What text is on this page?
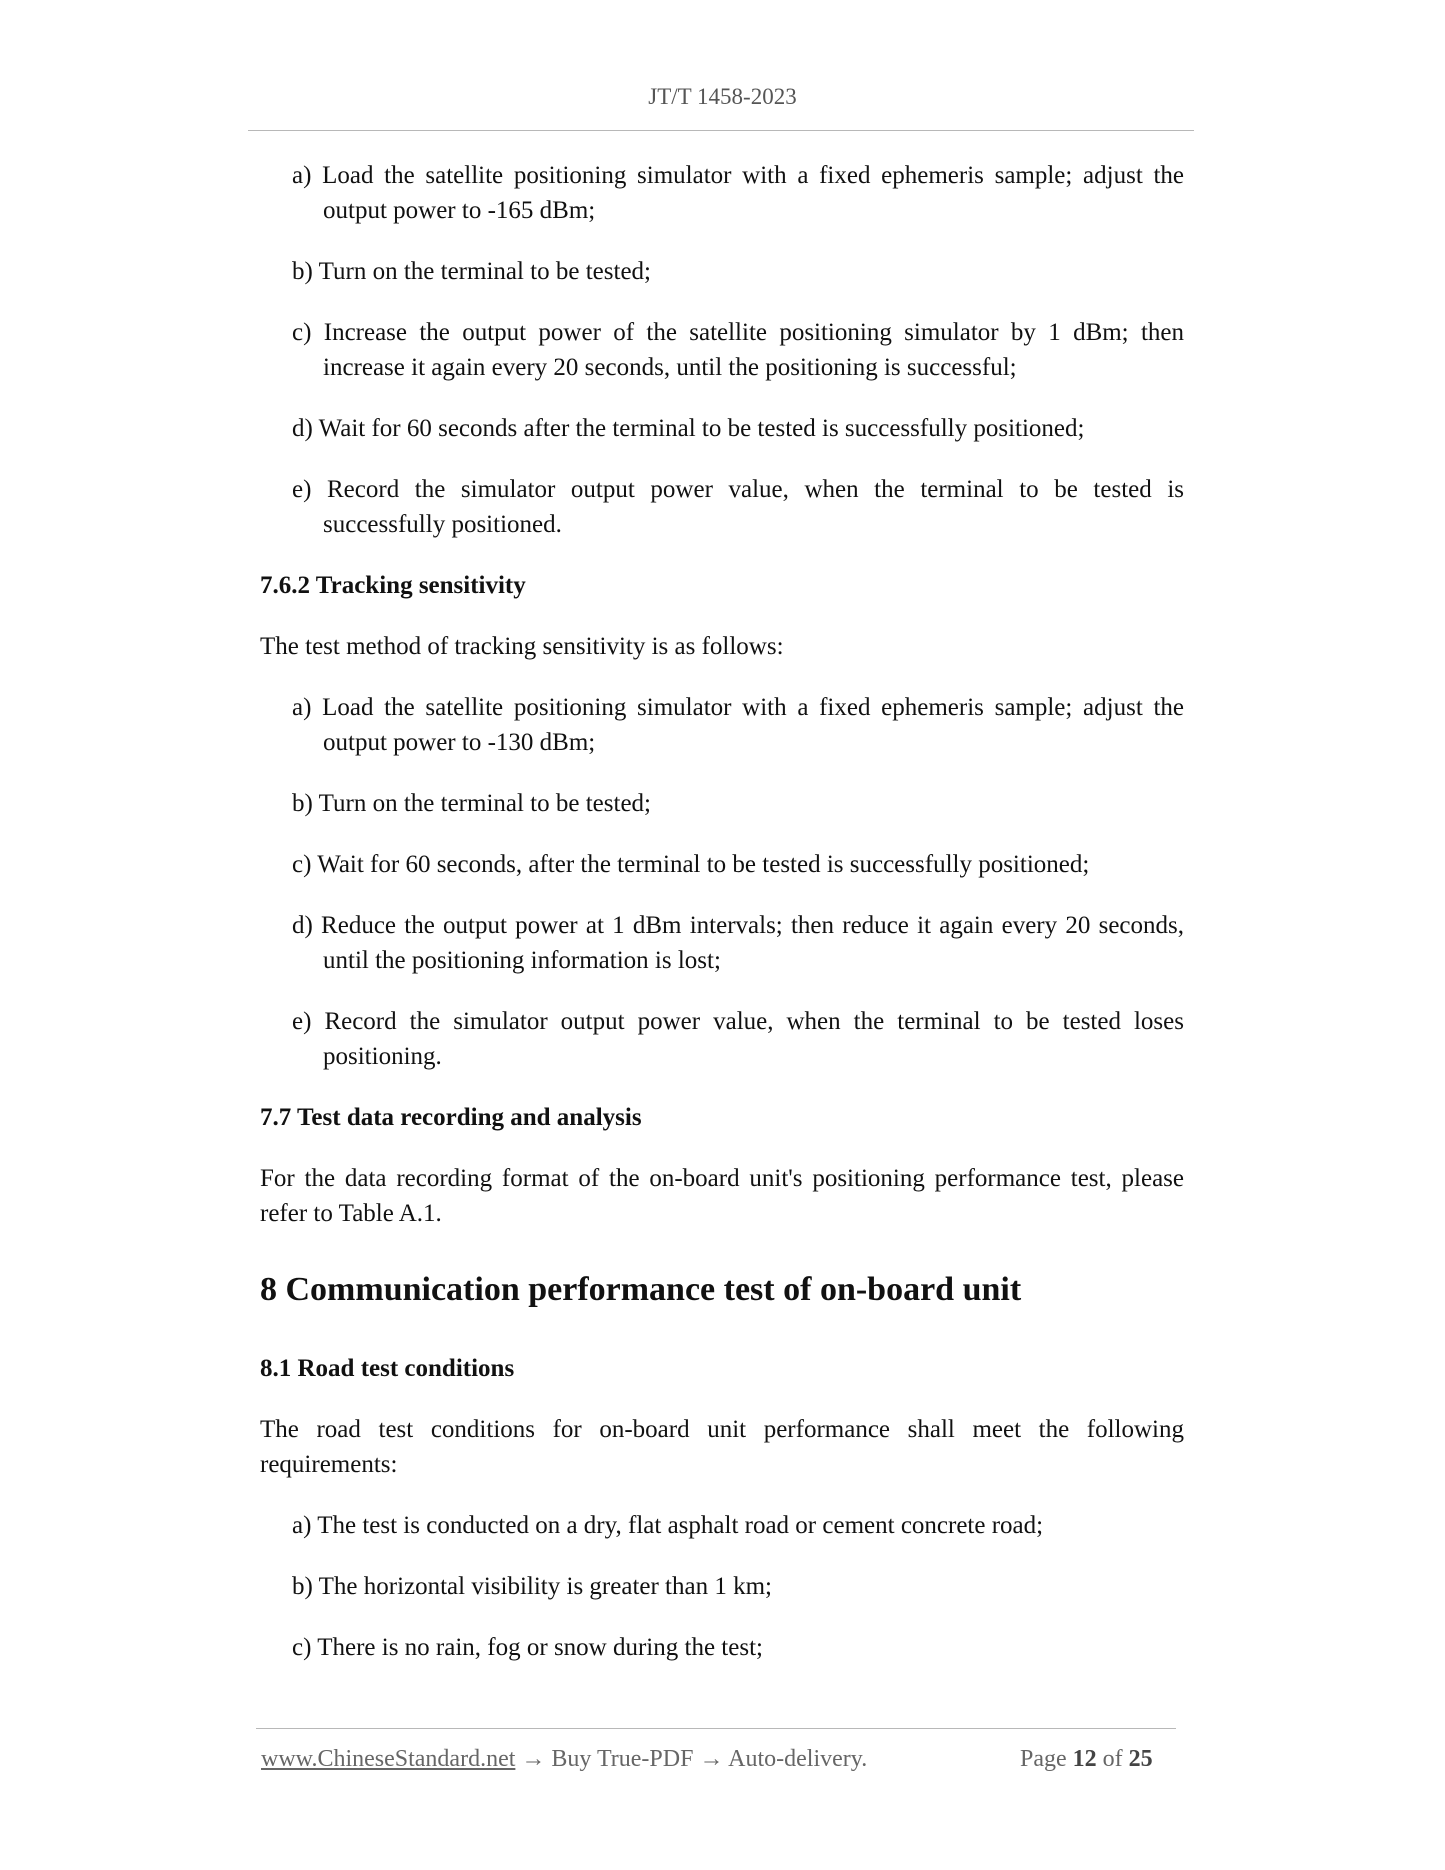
JT/T 1458-2023

a) Load the satellite positioning simulator with a fixed ephemeris sample; adjust the output power to -165 dBm;

b) Turn on the terminal to be tested;

c) Increase the output power of the satellite positioning simulator by 1 dBm; then increase it again every 20 seconds, until the positioning is successful;

d) Wait for 60 seconds after the terminal to be tested is successfully positioned;

e) Record the simulator output power value, when the terminal to be tested is successfully positioned.

7.6.2 Tracking sensitivity

The test method of tracking sensitivity is as follows:

a) Load the satellite positioning simulator with a fixed ephemeris sample; adjust the output power to -130 dBm;

b) Turn on the terminal to be tested;

c) Wait for 60 seconds, after the terminal to be tested is successfully positioned;

d) Reduce the output power at 1 dBm intervals; then reduce it again every 20 seconds, until the positioning information is lost;

e) Record the simulator output power value, when the terminal to be tested loses positioning.

7.7 Test data recording and analysis

For the data recording format of the on-board unit's positioning performance test, please refer to Table A.1.

8 Communication performance test of on-board unit

8.1 Road test conditions

The road test conditions for on-board unit performance shall meet the following requirements:

a) The test is conducted on a dry, flat asphalt road or cement concrete road;

b) The horizontal visibility is greater than 1 km;

c) There is no rain, fog or snow during the test;

www.ChineseStandard.net → Buy True-PDF → Auto-delivery.	Page 12 of 25
